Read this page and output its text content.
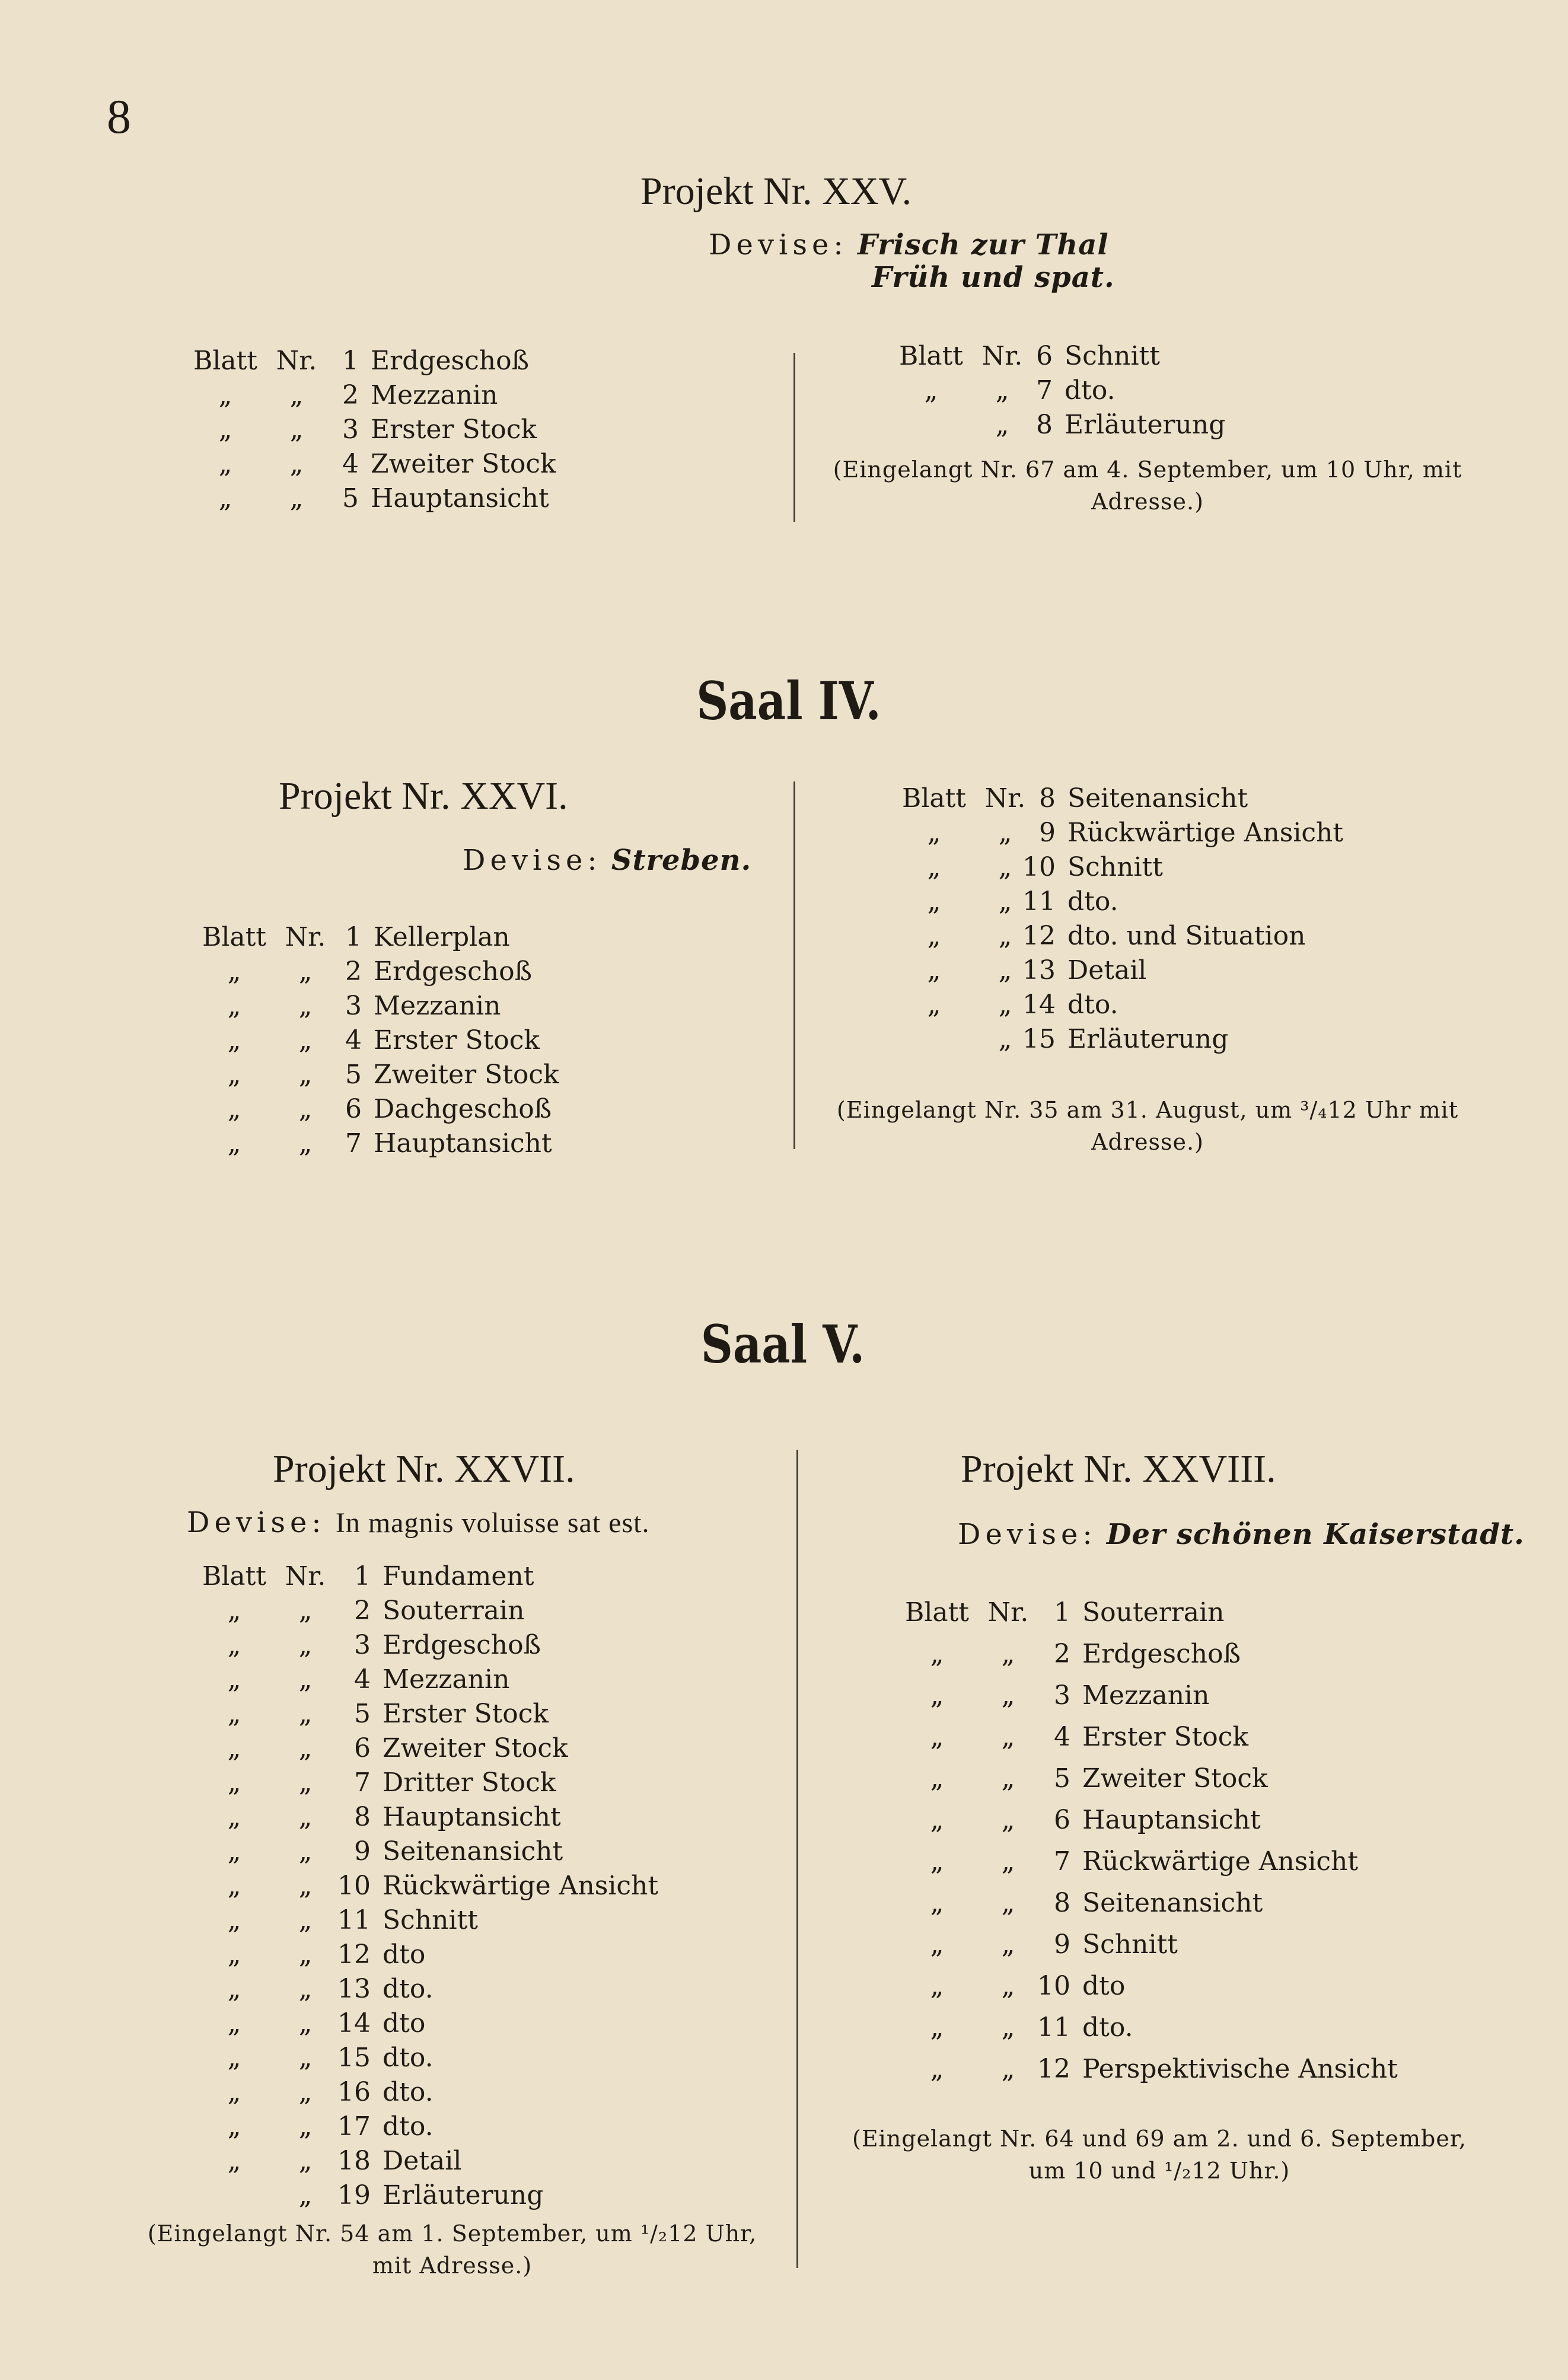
8
Projekt Nr. XXV.
Devise: Frisch zur Thal
Früh und spat.
Blatt Nr. 1 Erdgeschoß
„	„	2 Mezzanin
„	„	3 Erster Stock
„	„	4 Zweiter Stock
„	„	5 Hauptansicht
Blatt Nr. 6 Schnitt
„	„	7 dto.
„	8 Erläuterung
(Eingelangt Nr. 67 am 4. September, um 10 Uhr, mit
Adresse.)
Saal IV.
Projekt Nr. XXVI.
Devise: Streben.
Blatt Nr. 1 Kellerplan
„	„	2 Erdgeschoß
„	„	3 Mezzanin
„	„	4 Erster Stock
„	„	5 Zweiter Stock
„	„	6 Dachgeschoß
„	„	7 Hauptansicht
Blatt Nr. 8 Seitenansicht
„	„	9 Rückwärtige Ansicht
„	„ 10 Schnitt
„	„ 11 dto.
„	„ 12 dto. und Situation
„	„ 13 Detail
„	„ 14 dto.
„ 15 Erläuterung
(Eingelangt Nr. 35 am 31. August, um ³/₄12 Uhr mit
Adresse.)
Saal V.
Projekt Nr. XXVII.
Devise: In magnis voluisse sat est.
Blatt Nr.	1 Fundament
„	„	2 Souterrain
„	„	3 Erdgeschoß
„	„	4 Mezzanin
„	„	5 Erster Stock
„	„	6 Zweiter Stock
„	„	7 Dritter Stock
„	„	8 Hauptansicht
„	„	9 Seitenansicht
„	„ 10 Rückwärtige Ansicht
„	„ 11 Schnitt
„	„ 12 dto
„	„ 13 dto.
„	„ 14 dto
„	„ 15 dto.
„	„ 16 dto.
„	„ 17 dto.
„	„ 18 Detail
„ 19 Erläuterung
(Eingelangt Nr. 54 am 1. September, um ¹/₂12 Uhr,
mit Adresse.)
Projekt Nr. XXVIII.
Devise: Der schönen Kaiserstadt.
Blatt Nr. 1 Souterrain
„	„	2 Erdgeschoß
„	„	3 Mezzanin
„	„	4 Erster Stock
„	„	5 Zweiter Stock
„	„	6 Hauptansicht
„	„	7 Rückwärtige Ansicht
„	„	8 Seitenansicht
„	„	9 Schnitt
„	„ 10 dto
„	„ 11 dto.
„	„ 12 Perspektivische Ansicht
(Eingelangt Nr. 64 und 69 am 2. und 6. September,
um 10 und ¹/₂12 Uhr.)
